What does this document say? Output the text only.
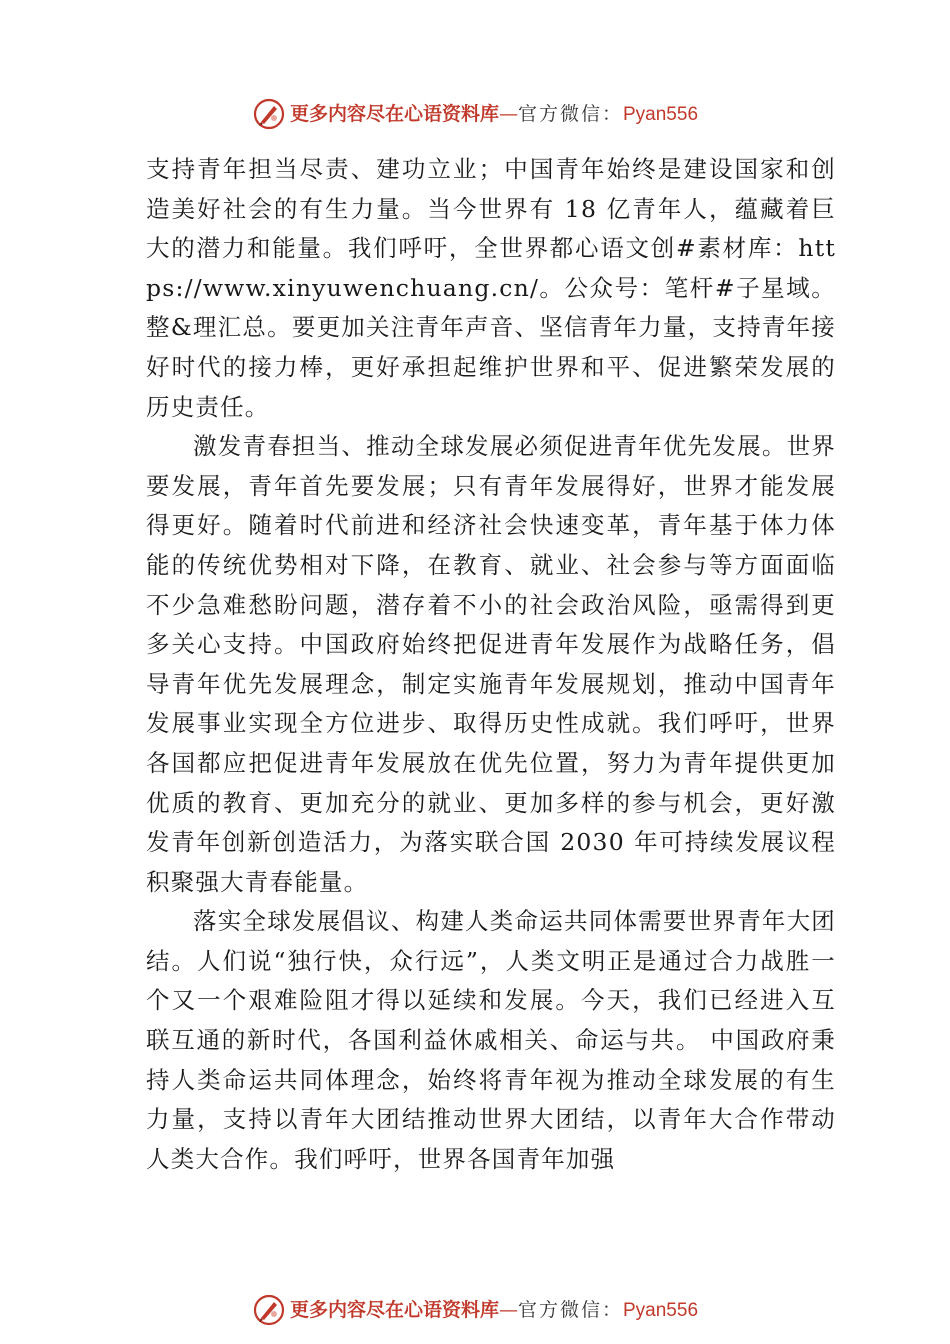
更多内容尽在心语资料库—官方微信：Pyan556

支持青年担当尽责、建功立业；中国青年始终是建设国家和创造美好社会的有生力量。当今世界有 18 亿青年人，蕴藏着巨大的潜力和能量。我们呼吁，全世界都心语文创#素材库：https://www.xinyuwenchuang.cn/。公众号：笔杆#子星域。整&理汇总。要更加关注青年声音、坚信青年力量，支持青年接好时代的接力棒，更好承担起维护世界和平、促进繁荣发展的历史责任。

激发青春担当、推动全球发展必须促进青年优先发展。世界要发展，青年首先要发展；只有青年发展得好，世界才能发展得更好。随着时代前进和经济社会快速变革，青年基于体力体能的传统优势相对下降，在教育、就业、社会参与等方面面临不少急难愁盼问题，潜存着不小的社会政治风险，亟需得到更多关心支持。中国政府始终把促进青年发展作为战略任务，倡导青年优先发展理念，制定实施青年发展规划，推动中国青年发展事业实现全方位进步、取得历史性成就。我们呼吁，世界各国都应把促进青年发展放在优先位置，努力为青年提供更加优质的教育、更加充分的就业、更加多样的参与机会，更好激发青年创新创造活力，为落实联合国 2030 年可持续发展议程积聚强大青春能量。

落实全球发展倡议、构建人类命运共同体需要世界青年大团结。人们说“独行快，众行远”，人类文明正是通过合力战胜一个又一个艰难险阻才得以延续和发展。今天，我们已经进入互联互通的新时代，各国利益休戚相关、命运与共。 中国政府秉持人类命运共同体理念，始终将青年视为推动全球发展的有生力量，支持以青年大团结推动世界大团结，以青年大合作带动人类大合作。我们呼吁，世界各国青年加强

更多内容尽在心语资料库—官方微信：Pyan556
